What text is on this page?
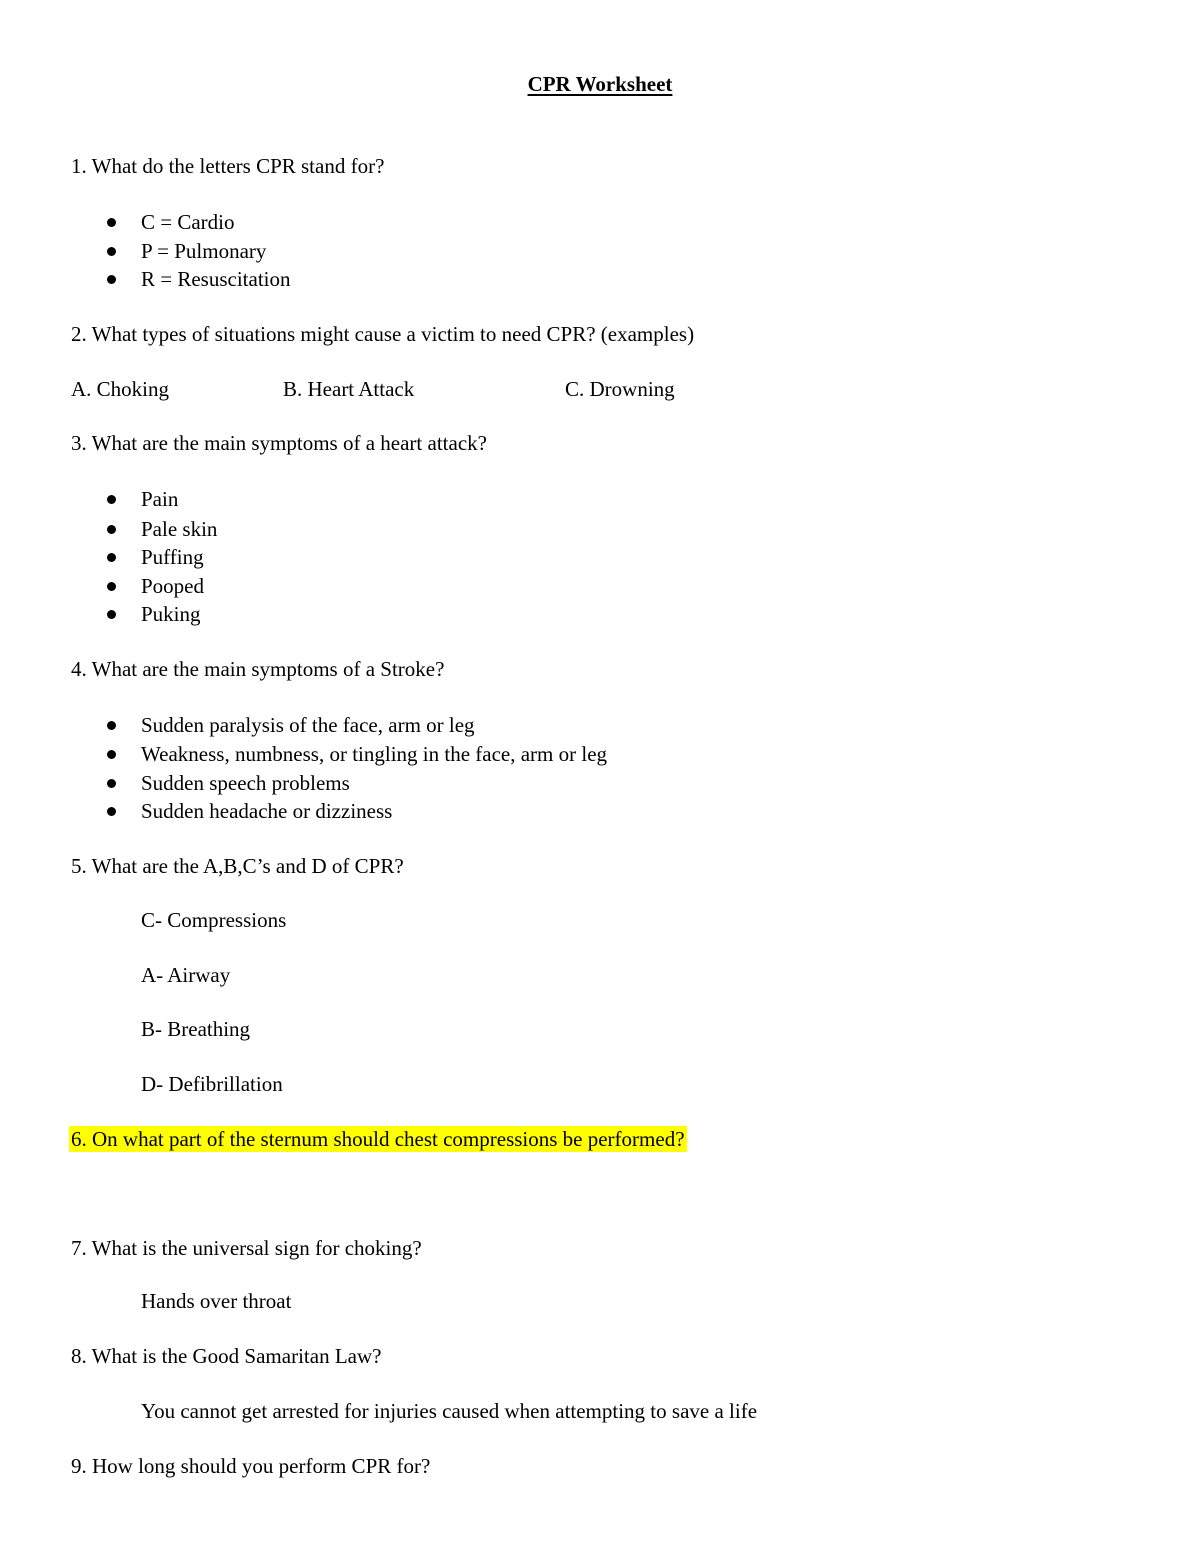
CPR Worksheet
1. What do the letters CPR stand for?
C = Cardio
P = Pulmonary
R = Resuscitation
2. What types of situations might cause a victim to need CPR? (examples)
A. Choking	B. Heart Attack	C. Drowning
3. What are the main symptoms of a heart attack?
Pain
Pale skin
Puffing
Pooped
Puking
4. What are the main symptoms of a Stroke?
Sudden paralysis of the face, arm or leg
Weakness, numbness, or tingling in the face, arm or leg
Sudden speech problems
Sudden headache or dizziness
5. What are the A,B,C’s and D of CPR?
C- Compressions
A- Airway
B- Breathing
D- Defibrillation
6. On what part of the sternum should chest compressions be performed?
7. What is the universal sign for choking?
Hands over throat
8. What is the Good Samaritan Law?
You cannot get arrested for injuries caused when attempting to save a life
9. How long should you perform CPR for?
